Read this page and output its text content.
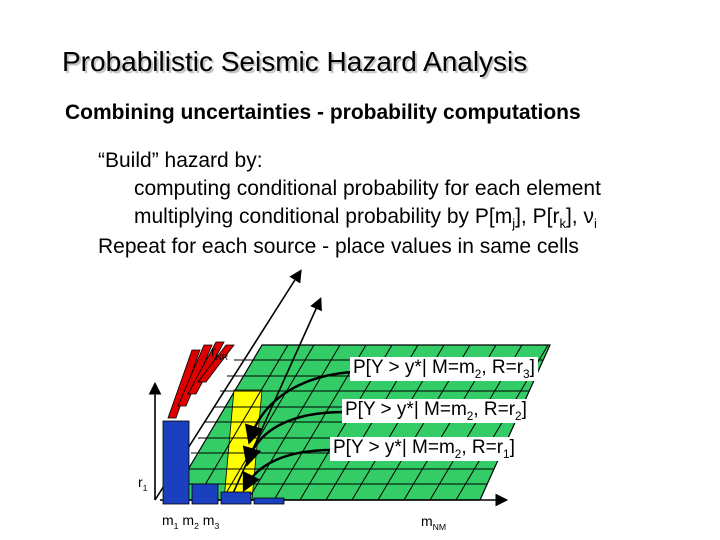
Probabilistic Seismic Hazard Analysis
Combining uncertainties - probability computations
“Build” hazard by:
computing conditional probability for each element
multiplying conditional probability by $P[m_j]$, $P[r_k]$, $\nu_i$
Repeat for each source - place values in same cells
P[Y > y*| $M=m_2$, $R=r_3$]
P[Y > y*| $M=m_2$, $R=r_2$]
P[Y > y*| $M=m_2$, $R=r_1$]
$r_{NR}$
$r_1$
$m_1$ $m_2$ $m_3$	$m_{NM}$
